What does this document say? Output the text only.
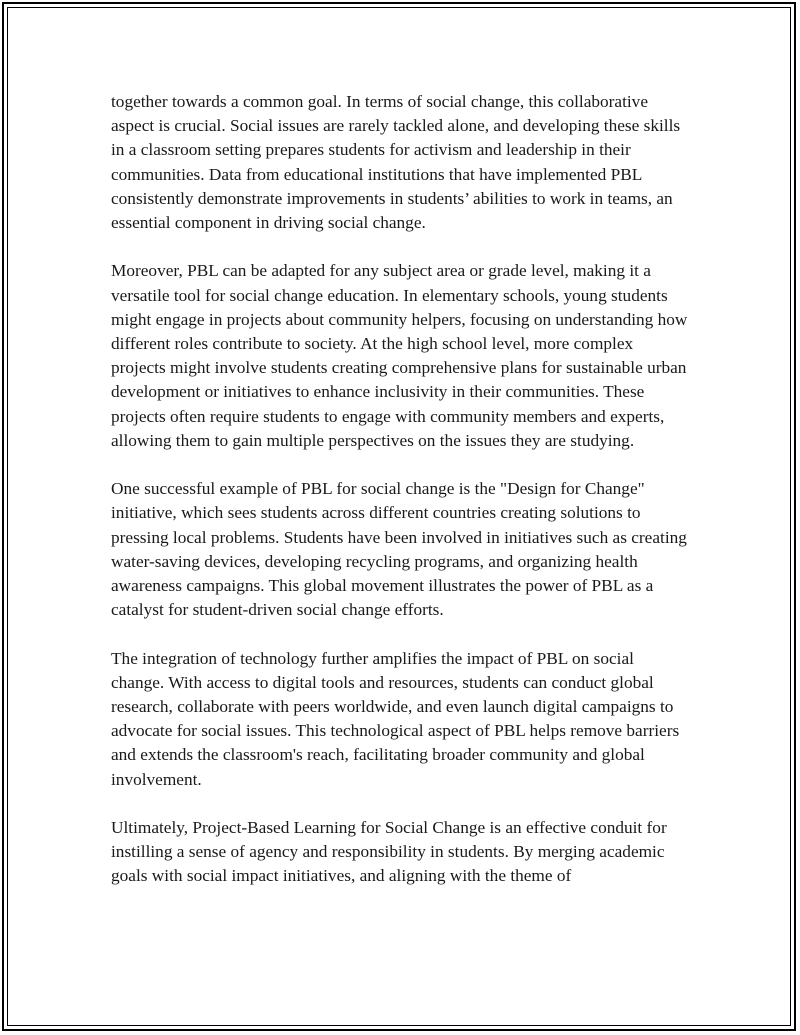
together towards a common goal. In terms of social change, this collaborative aspect is crucial. Social issues are rarely tackled alone, and developing these skills in a classroom setting prepares students for activism and leadership in their communities. Data from educational institutions that have implemented PBL consistently demonstrate improvements in students’ abilities to work in teams, an essential component in driving social change.

Moreover, PBL can be adapted for any subject area or grade level, making it a versatile tool for social change education. In elementary schools, young students might engage in projects about community helpers, focusing on understanding how different roles contribute to society. At the high school level, more complex projects might involve students creating comprehensive plans for sustainable urban development or initiatives to enhance inclusivity in their communities. These projects often require students to engage with community members and experts, allowing them to gain multiple perspectives on the issues they are studying.

One successful example of PBL for social change is the "Design for Change" initiative, which sees students across different countries creating solutions to pressing local problems. Students have been involved in initiatives such as creating water-saving devices, developing recycling programs, and organizing health awareness campaigns. This global movement illustrates the power of PBL as a catalyst for student-driven social change efforts.

The integration of technology further amplifies the impact of PBL on social change. With access to digital tools and resources, students can conduct global research, collaborate with peers worldwide, and even launch digital campaigns to advocate for social issues. This technological aspect of PBL helps remove barriers and extends the classroom's reach, facilitating broader community and global involvement.

Ultimately, Project-Based Learning for Social Change is an effective conduit for instilling a sense of agency and responsibility in students. By merging academic goals with social impact initiatives, and aligning with the theme of
